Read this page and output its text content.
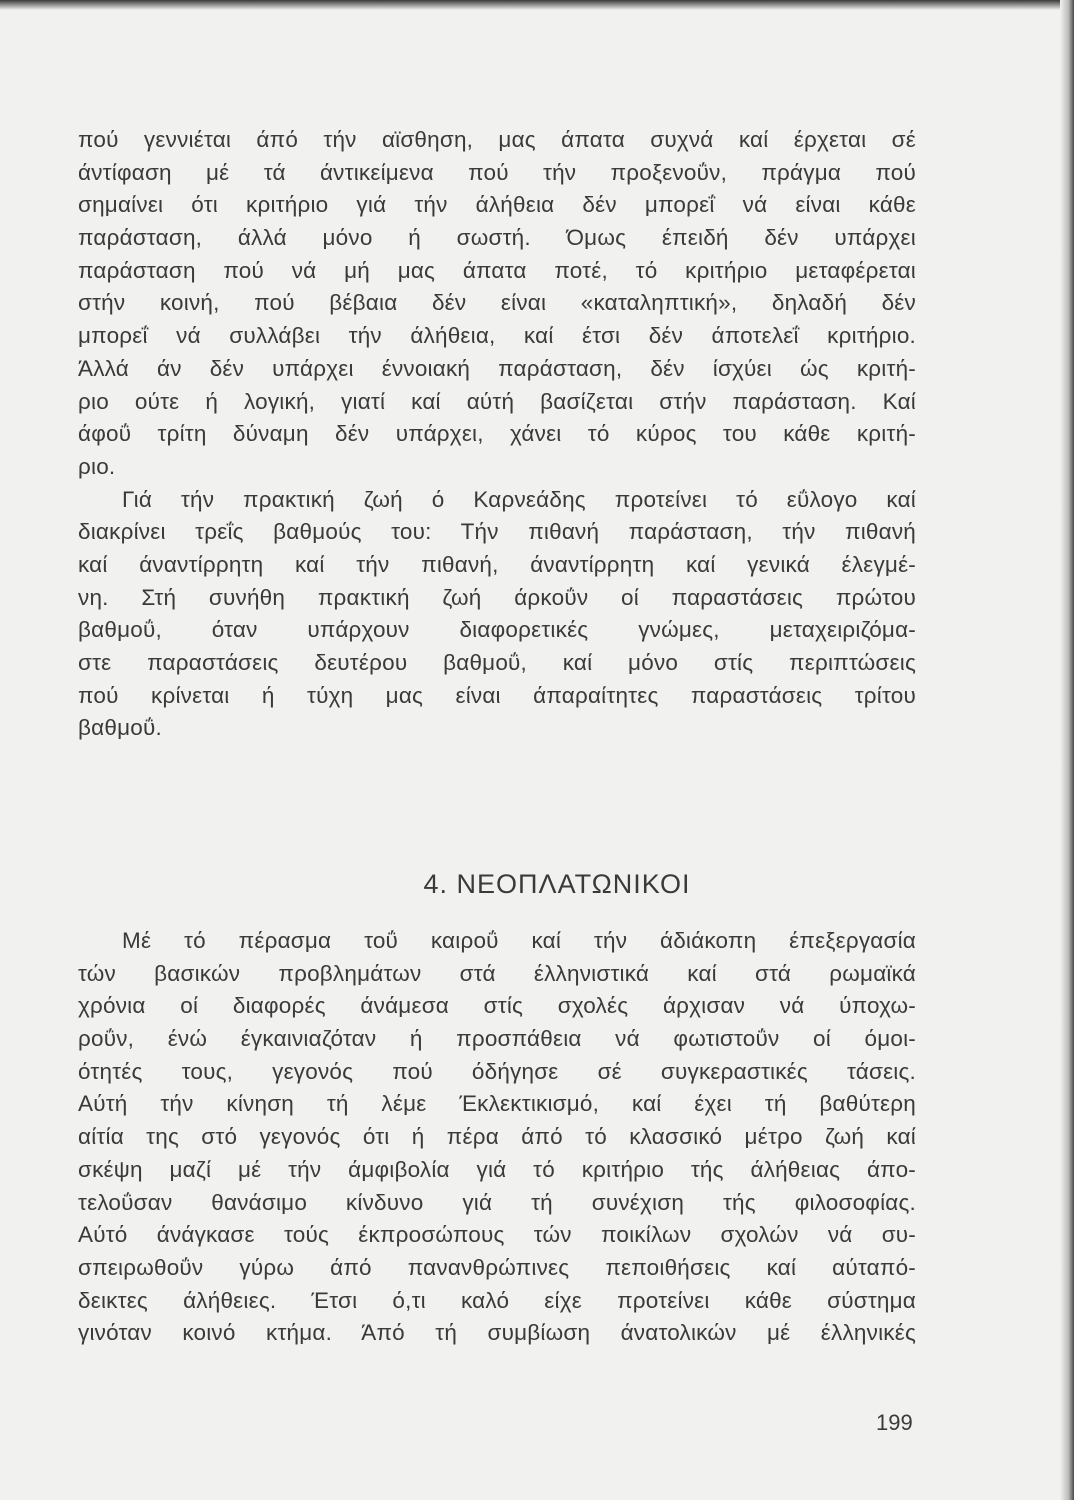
πού γεννιέται άπό τήν αϊσθηση, μας άπατα συχνά καί έρχεται σέ
άντίφαση μέ τά άντικείμενα πού τήν προξενοΰν, πράγμα πού
σημαίνει ότι κριτήριο γιά τήν άλήθεια δέν μπορεΐ νά είναι κάθε
παράσταση, άλλά μόνο ή σωστή. Όμως έπειδή δέν υπάρχει
παράσταση πού νά μή μας άπατα ποτέ, τό κριτήριο μεταφέρεται
στήν κοινή, πού βέβαια δέν είναι «καταληπτική», δηλαδή δέν
μπορεΐ νά συλλάβει τήν άλήθεια, καί έτσι δέν άποτελεΐ κριτήριο.
Άλλά άν δέν υπάρχει έννοιακή παράσταση, δέν ίσχύει ώς κριτή-
ριο ούτε ή λογική, γιατί καί αύτή βασίζεται στήν παράσταση. Καί
άφοΰ τρίτη δύναμη δέν υπάρχει, χάνει τό κύρος του κάθε κριτή-
ριο.
Γιά τήν πρακτική ζωή ό Καρνεάδης προτείνει τό εΰλογο καί
διακρίνει τρεΐς βαθμούς του: Τήν πιθανή παράσταση, τήν πιθανή
καί άναντίρρητη καί τήν πιθανή, άναντίρρητη καί γενικά έλεγμέ-
νη. Στή συνήθη πρακτική ζωή άρκοΰν οί παραστάσεις πρώτου
βαθμοΰ, όταν υπάρχουν διαφορετικές γνώμες, μεταχειριζόμα-
στε παραστάσεις δευτέρου βαθμοΰ, καί μόνο στίς περιπτώσεις
πού κρίνεται ή τύχη μας είναι άπαραίτητες παραστάσεις τρίτου
βαθμοΰ.
4. ΝΕΟΠΛΑΤΩΝΙΚΟΙ
Μέ τό πέρασμα τοΰ καιροΰ καί τήν άδιάκοπη έπεξεργασία
τών βασικών προβλημάτων στά έλληνιστικά καί στά ρωμαϊκά
χρόνια οί διαφορές άνάμεσα στίς σχολές άρχισαν νά ύποχω-
ροΰν, ένώ έγκαινιαζόταν ή προσπάθεια νά φωτιστοΰν οί όμοι-
ότητές τους, γεγονός πού όδήγησε σέ συγκεραστικές τάσεις.
Αύτή τήν κίνηση τή λέμε Έκλεκτικισμό, καί έχει τή βαθύτερη
αίτία της στό γεγονός ότι ή πέρα άπό τό κλασσικό μέτρο ζωή καί
σκέψη μαζί μέ τήν άμφιβολία γιά τό κριτήριο τής άλήθειας άπο-
τελοΰσαν θανάσιμο κίνδυνο γιά τή συνέχιση τής φιλοσοφίας.
Αύτό άνάγκασε τούς έκπροσώπους τών ποικίλων σχολών νά συ-
σπειρωθοΰν γύρω άπό πανανθρώπινες πεποιθήσεις καί αύταπό-
δεικτες άλήθειες. Έτσι ό,τι καλό είχε προτείνει κάθε σύστημα
γινόταν κοινό κτήμα. Άπό τή συμβίωση άνατολικών μέ έλληνικές
199
